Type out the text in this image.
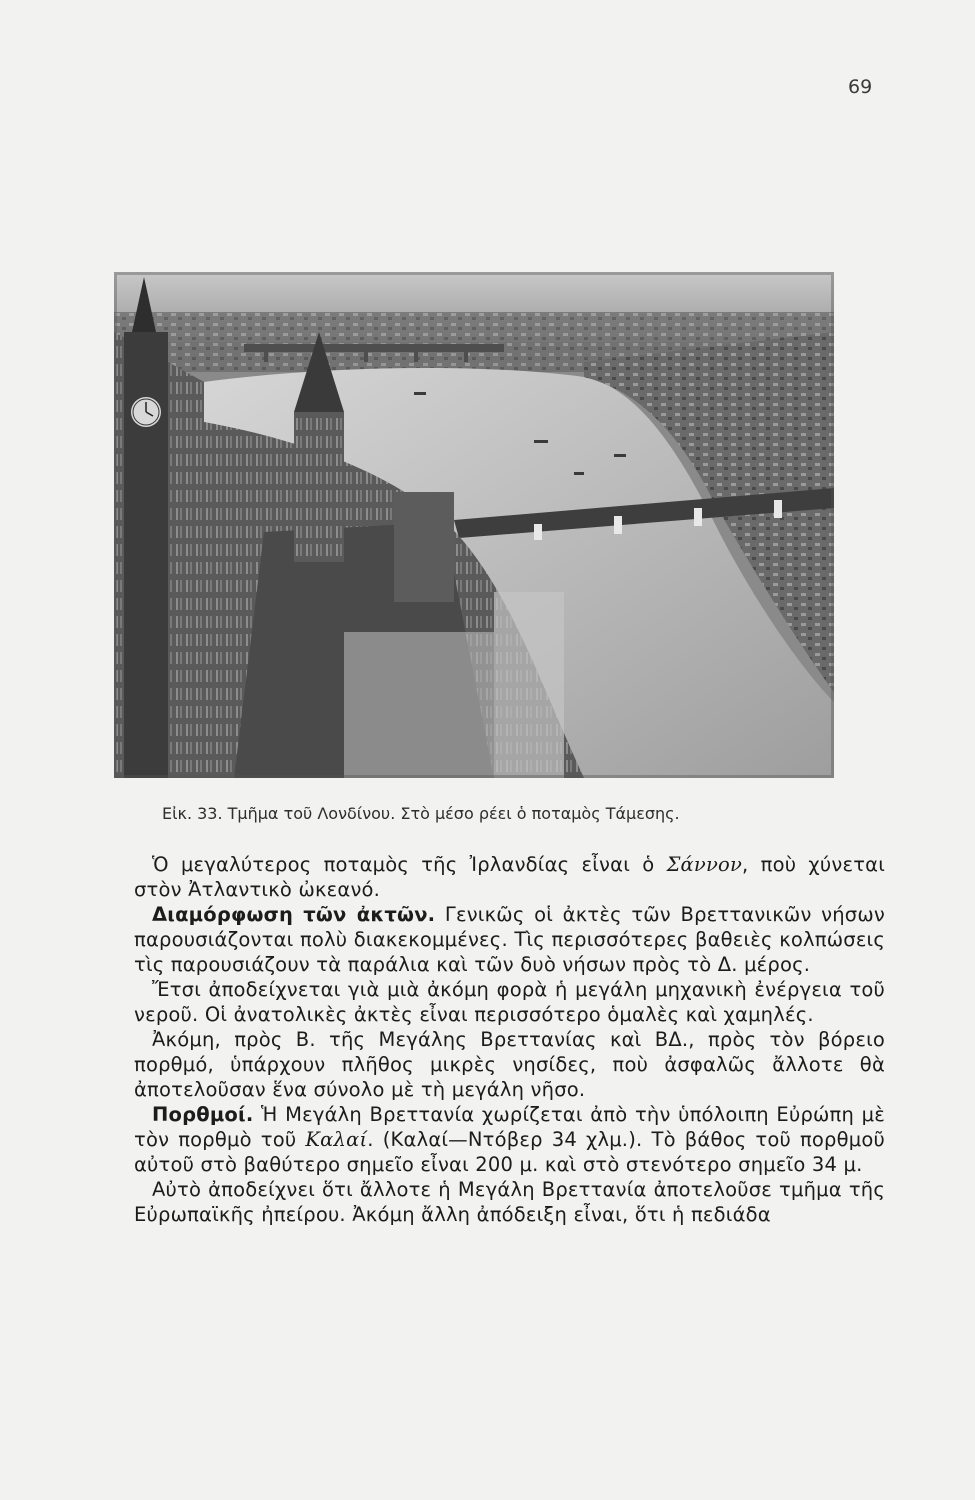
69
Εἰκ. 33. Τμῆμα τοῦ Λονδίνου. Στὸ μέσο ρέει ὁ ποταμὸς Τάμεσης.

Ὁ μεγαλύτερος ποταμὸς τῆς Ἰρλανδίας εἶναι ὁ Σάννον, ποὺ χύνεται στὸν Ἀτλαντικὸ ὠκεανό.

Διαμόρφωση τῶν ἀκτῶν. Γενικῶς οἱ ἀκτὲς τῶν Βρεττανικῶν νήσων παρουσιάζονται πολὺ διακεκομμένες. Τὶς περισσότερες βαθειὲς κολπώσεις τὶς παρουσιάζουν τὰ παράλια καὶ τῶν δυὸ νήσων πρὸς τὸ Δ. μέρος.

Ἔτσι ἀποδείχνεται γιὰ μιὰ ἀκόμη φορὰ ἡ μεγάλη μηχανικὴ ἐνέργεια τοῦ νεροῦ. Οἱ ἀνατολικὲς ἀκτὲς εἶναι περισσότερο ὁμαλὲς καὶ χαμηλές.

Ἀκόμη, πρὸς Β. τῆς Μεγάλης Βρεττανίας καὶ ΒΔ., πρὸς τὸν βόρειο πορθμό, ὑπάρχουν πλῆθος μικρὲς νησίδες, ποὺ ἀσφαλῶς ἄλλοτε θὰ ἀποτελοῦσαν ἕνα σύνολο μὲ τὴ μεγάλη νῆσο.

Πορθμοί. Ἡ Μεγάλη Βρεττανία χωρίζεται ἀπὸ τὴν ὑπόλοιπη Εὐρώπη μὲ τὸν πορθμὸ τοῦ Καλαί. (Καλαί—Ντόβερ 34 χλμ.). Τὸ βάθος τοῦ πορθμοῦ αὐτοῦ στὸ βαθύτερο σημεῖο εἶναι 200 μ. καὶ στὸ στενότερο σημεῖο 34 μ.

Αὐτὸ ἀποδείχνει ὅτι ἄλλοτε ἡ Μεγάλη Βρεττανία ἀποτελοῦσε τμῆμα τῆς Εὐρωπαϊκῆς ἠπείρου. Ἀκόμη ἄλλη ἀπόδειξη εἶναι, ὅτι ἡ πεδιάδα
